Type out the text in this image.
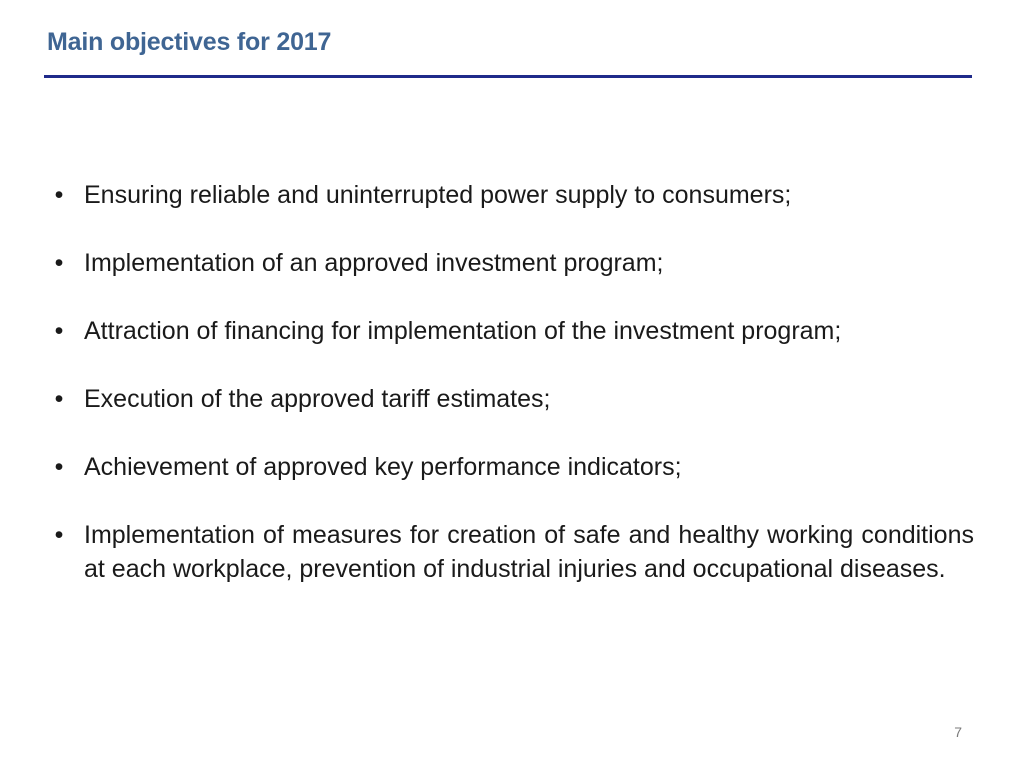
Main objectives for 2017
• Ensuring reliable and uninterrupted power supply to consumers;
• Implementation of an approved investment program;
• Attraction of financing for implementation of the investment program;
• Execution of the approved tariff estimates;
• Achievement of approved key performance indicators;
• Implementation of measures for creation of safe and healthy working conditions at each workplace, prevention of industrial injuries and occupational diseases.
7
